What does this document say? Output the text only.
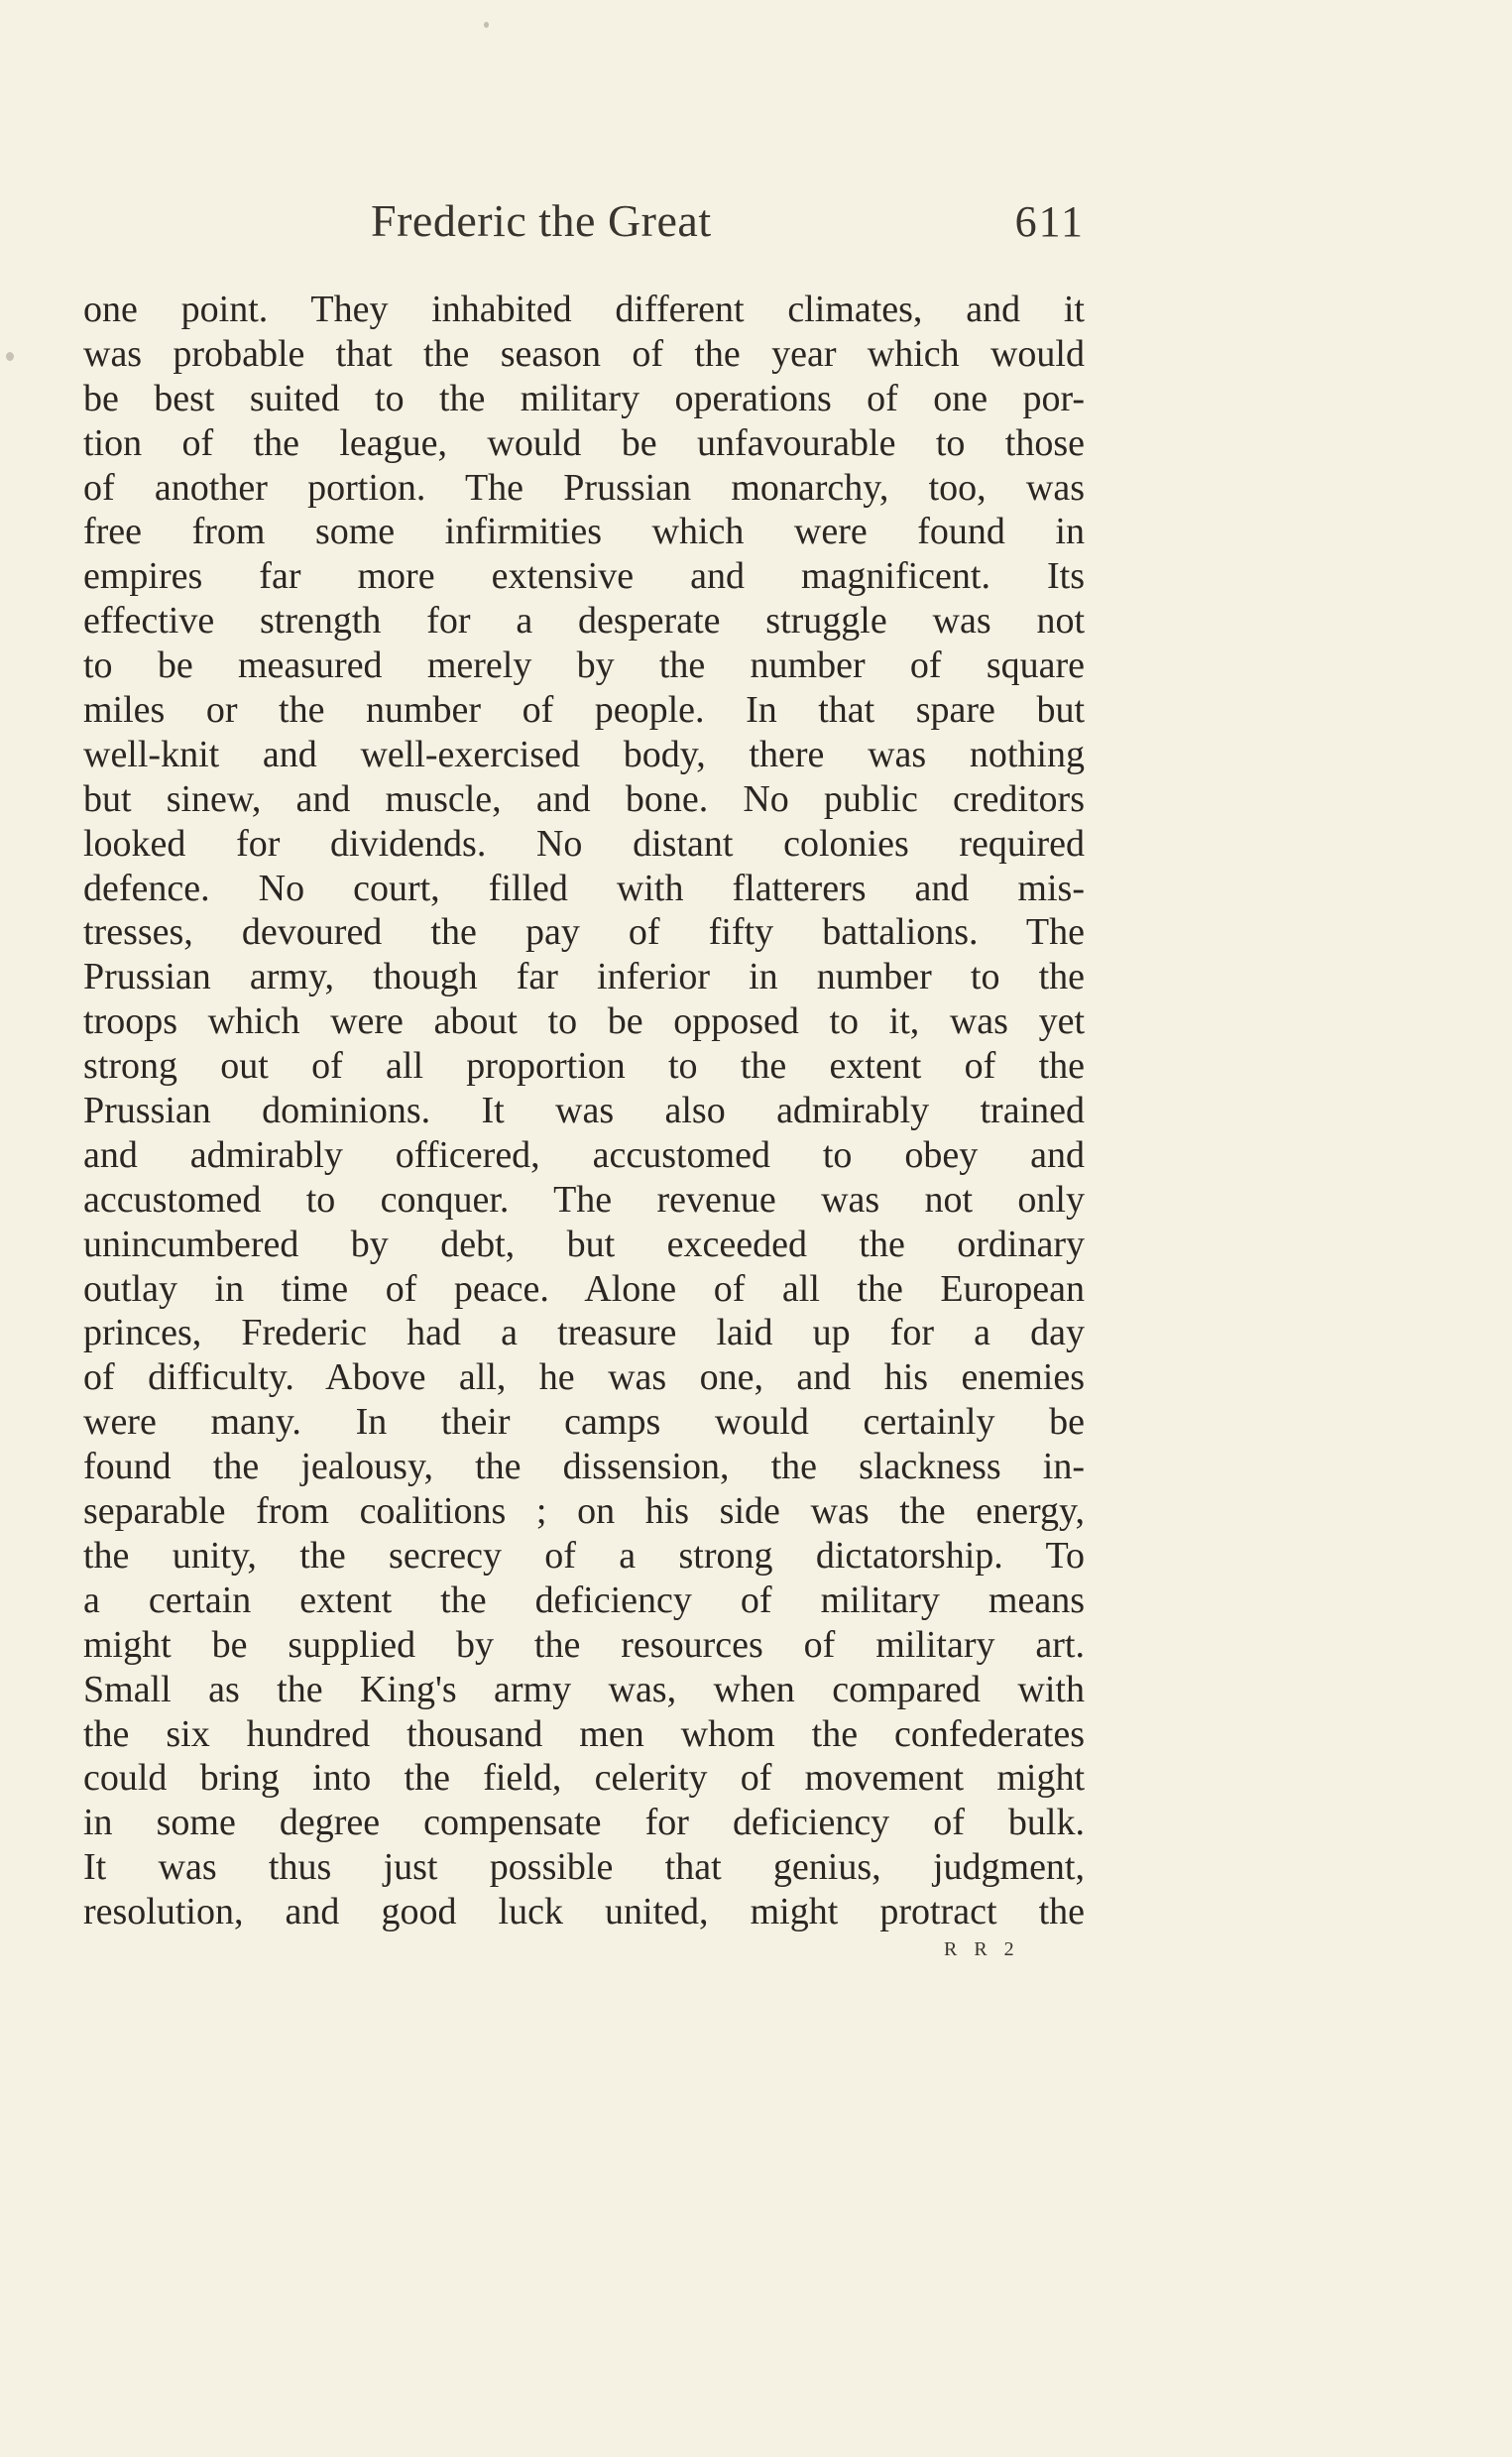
Frederic the Great	611
one point. They inhabited different climates, and it
was probable that the season of the year which would
be best suited to the military operations of one por-
tion of the league, would be unfavourable to those
of another portion. The Prussian monarchy, too, was
free from some infirmities which were found in
empires far more extensive and magnificent. Its
effective strength for a desperate struggle was not
to be measured merely by the number of square
miles or the number of people. In that spare but
well-knit and well-exercised body, there was nothing
but sinew, and muscle, and bone. No public creditors
looked for dividends. No distant colonies required
defence. No court, filled with flatterers and mis-
tresses, devoured the pay of fifty battalions. The
Prussian army, though far inferior in number to the
troops which were about to be opposed to it, was yet
strong out of all proportion to the extent of the
Prussian dominions. It was also admirably trained
and admirably officered, accustomed to obey and
accustomed to conquer. The revenue was not only
unincumbered by debt, but exceeded the ordinary
outlay in time of peace. Alone of all the European
princes, Frederic had a treasure laid up for a day
of difficulty. Above all, he was one, and his enemies
were many. In their camps would certainly be
found the jealousy, the dissension, the slackness in-
separable from coalitions ; on his side was the energy,
the unity, the secrecy of a strong dictatorship. To
a certain extent the deficiency of military means
might be supplied by the resources of military art.
Small as the King's army was, when compared with
the six hundred thousand men whom the confederates
could bring into the field, celerity of movement might
in some degree compensate for deficiency of bulk.
It was thus just possible that genius, judgment,
resolution, and good luck united, might protract the
R R 2
